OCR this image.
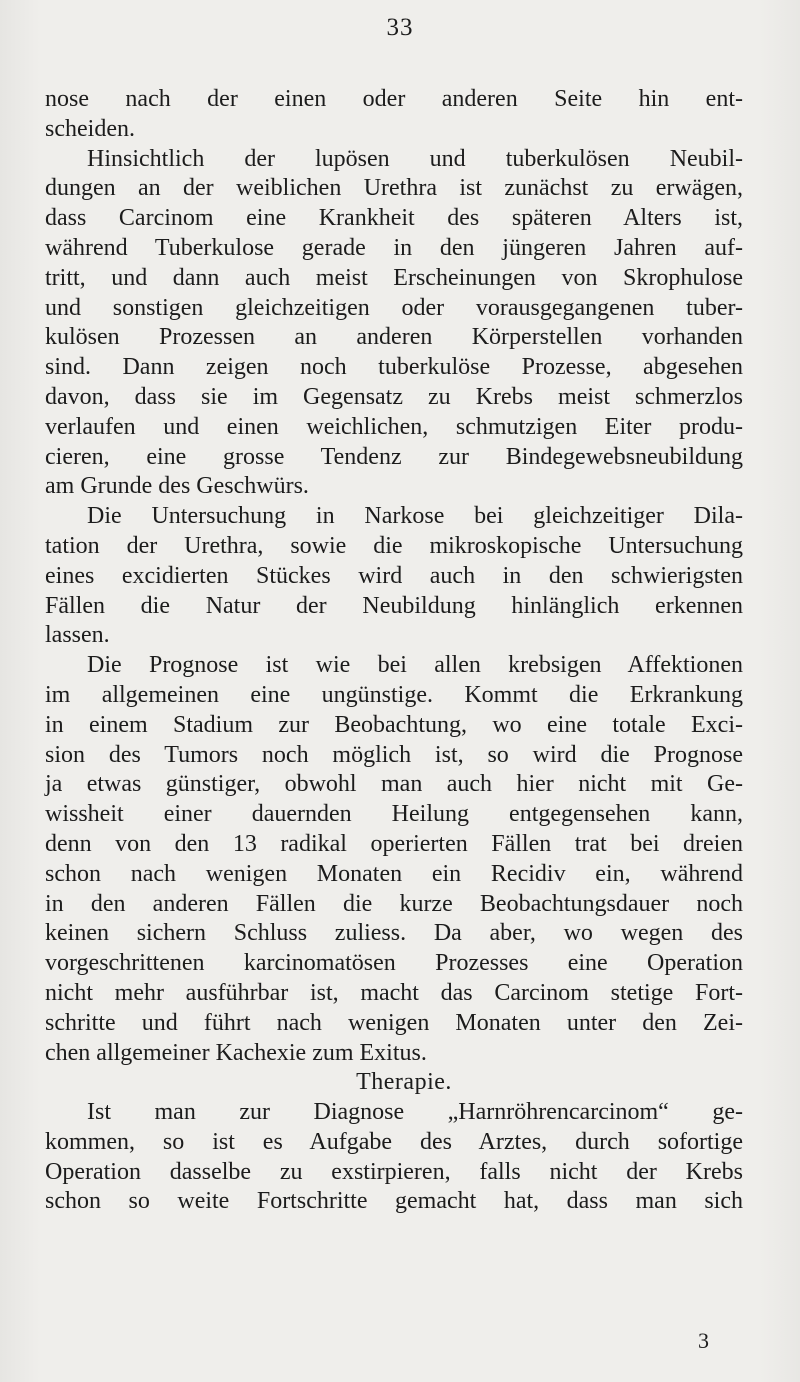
33
nose nach der einen oder anderen Seite hin ent-
scheiden.
Hinsichtlich der lupösen und tuberkulösen Neubil-
dungen an der weiblichen Urethra ist zunächst zu erwägen,
dass Carcinom eine Krankheit des späteren Alters ist,
während Tuberkulose gerade in den jüngeren Jahren auf-
tritt, und dann auch meist Erscheinungen von Skrophulose
und sonstigen gleichzeitigen oder vorausgegangenen tuber-
kulösen Prozessen an anderen Körperstellen vorhanden
sind. Dann zeigen noch tuberkulöse Prozesse, abgesehen
davon, dass sie im Gegensatz zu Krebs meist schmerzlos
verlaufen und einen weichlichen, schmutzigen Eiter produ-
cieren, eine grosse Tendenz zur Bindegewebsneubildung
am Grunde des Geschwürs.
Die Untersuchung in Narkose bei gleichzeitiger Dila-
tation der Urethra, sowie die mikroskopische Untersuchung
eines excidierten Stückes wird auch in den schwierigsten
Fällen die Natur der Neubildung hinlänglich erkennen
lassen.
Die Prognose ist wie bei allen krebsigen Affektionen
im allgemeinen eine ungünstige. Kommt die Erkrankung
in einem Stadium zur Beobachtung, wo eine totale Exci-
sion des Tumors noch möglich ist, so wird die Prognose
ja etwas günstiger, obwohl man auch hier nicht mit Ge-
wissheit einer dauernden Heilung entgegensehen kann,
denn von den 13 radikal operierten Fällen trat bei dreien
schon nach wenigen Monaten ein Recidiv ein, während
in den anderen Fällen die kurze Beobachtungsdauer noch
keinen sichern Schluss zuliess. Da aber, wo wegen des
vorgeschrittenen karcinomatösen Prozesses eine Operation
nicht mehr ausführbar ist, macht das Carcinom stetige Fort-
schritte und führt nach wenigen Monaten unter den Zei-
chen allgemeiner Kachexie zum Exitus.
Therapie.
Ist man zur Diagnose „Harnröhrencarcinom“ ge-
kommen, so ist es Aufgabe des Arztes, durch sofortige
Operation dasselbe zu exstirpieren, falls nicht der Krebs
schon so weite Fortschritte gemacht hat, dass man sich
3
